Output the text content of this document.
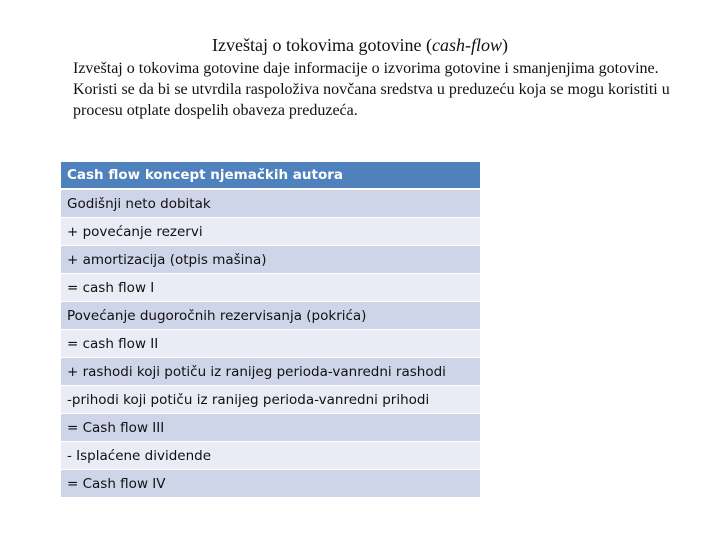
Izveštaj o tokovima gotovine (cash-flow)

Izveštaj o tokovima gotovine daje informacije o izvorima gotovine i smanjenjima gotovine. Koristi se da bi se utvrdila raspoloživa novčana sredstva u preduzeću koja se mogu koristiti u procesu otplate dospelih obaveza preduzeća.

Cash flow koncept njemačkih autora
Godišnji neto dobitak
+ povećanje rezervi
+ amortizacija (otpis mašina)
= cash flow I
Povećanje dugoročnih rezervisanja (pokrića)
= cash flow II
+ rashodi koji potiču iz ranijeg perioda-vanredni rashodi
-prihodi koji potiču iz ranijeg perioda-vanredni prihodi
= Cash flow III
- Isplaćene dividende
= Cash flow IV
